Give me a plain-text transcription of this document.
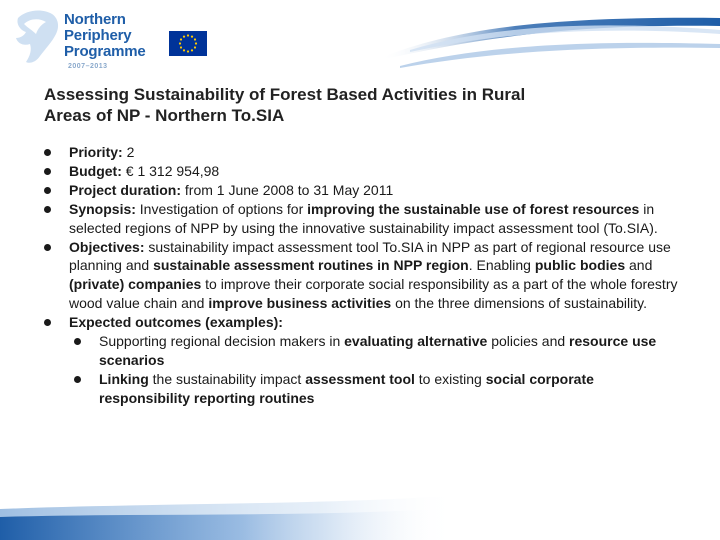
Northern
Periphery
Programme
2007–2013
Assessing Sustainability of Forest Based Activities in Rural
Areas of NP - Northern To.SIA
Priority: 2
Budget: € 1 312 954,98
Project duration: from 1 June 2008 to 31 May 2011
Synopsis: Investigation of options for improving the sustainable use of forest resources in selected regions of NPP by using the innovative sustainability impact assessment tool (To.SIA).
Objectives: sustainability impact assessment tool To.SIA in NPP as part of regional resource use planning and sustainable assessment routines in NPP region. Enabling public bodies and (private) companies to improve their corporate social responsibility as a part of the whole forestry wood value chain and improve business activities on the three dimensions of sustainability.
Expected outcomes (examples):
Supporting regional decision makers in evaluating alternative policies and resource use scenarios
Linking the sustainability impact assessment tool to existing social corporate responsibility reporting routines
